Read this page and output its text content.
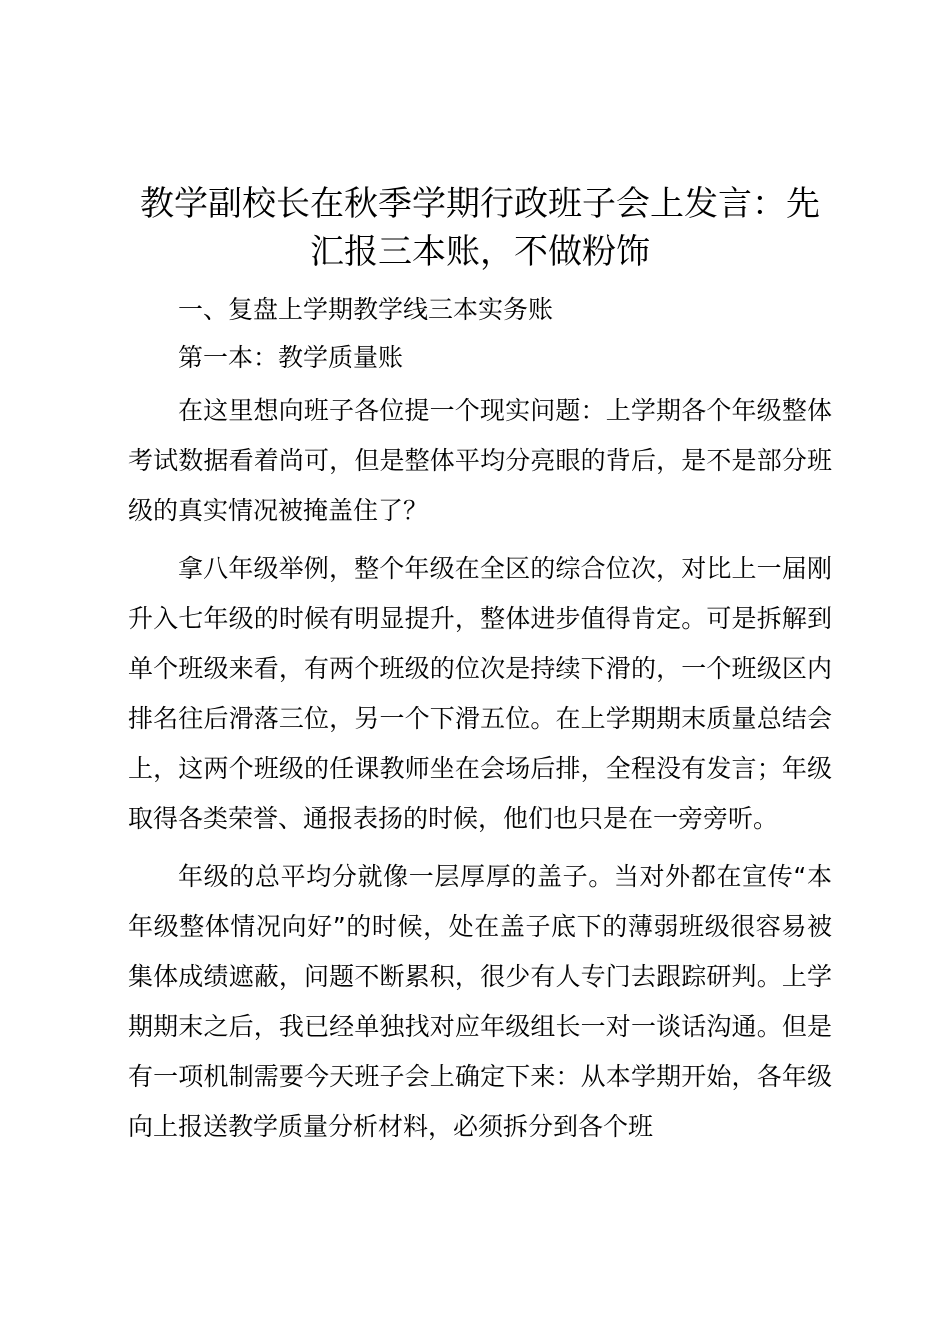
教学副校长在秋季学期行政班子会上发言：先汇报三本账，不做粉饰

一、复盘上学期教学线三本实务账

第一本：教学质量账

在这里想向班子各位提一个现实问题：上学期各个年级整体考试数据看着尚可，但是整体平均分亮眼的背后，是不是部分班级的真实情况被掩盖住了？

拿八年级举例，整个年级在全区的综合位次，对比上一届刚升入七年级的时候有明显提升，整体进步值得肯定。可是拆解到单个班级来看，有两个班级的位次是持续下滑的，一个班级区内排名往后滑落三位，另一个下滑五位。在上学期期末质量总结会上，这两个班级的任课教师坐在会场后排，全程没有发言；年级取得各类荣誉、通报表扬的时候，他们也只是在一旁旁听。

年级的总平均分就像一层厚厚的盖子。当对外都在宣传“本年级整体情况向好”的时候，处在盖子底下的薄弱班级很容易被集体成绩遮蔽，问题不断累积，很少有人专门去跟踪研判。上学期期末之后，我已经单独找对应年级组长一对一谈话沟通。但是有一项机制需要今天班子会上确定下来：从本学期开始，各年级向上报送教学质量分析材料，必须拆分到各个班
